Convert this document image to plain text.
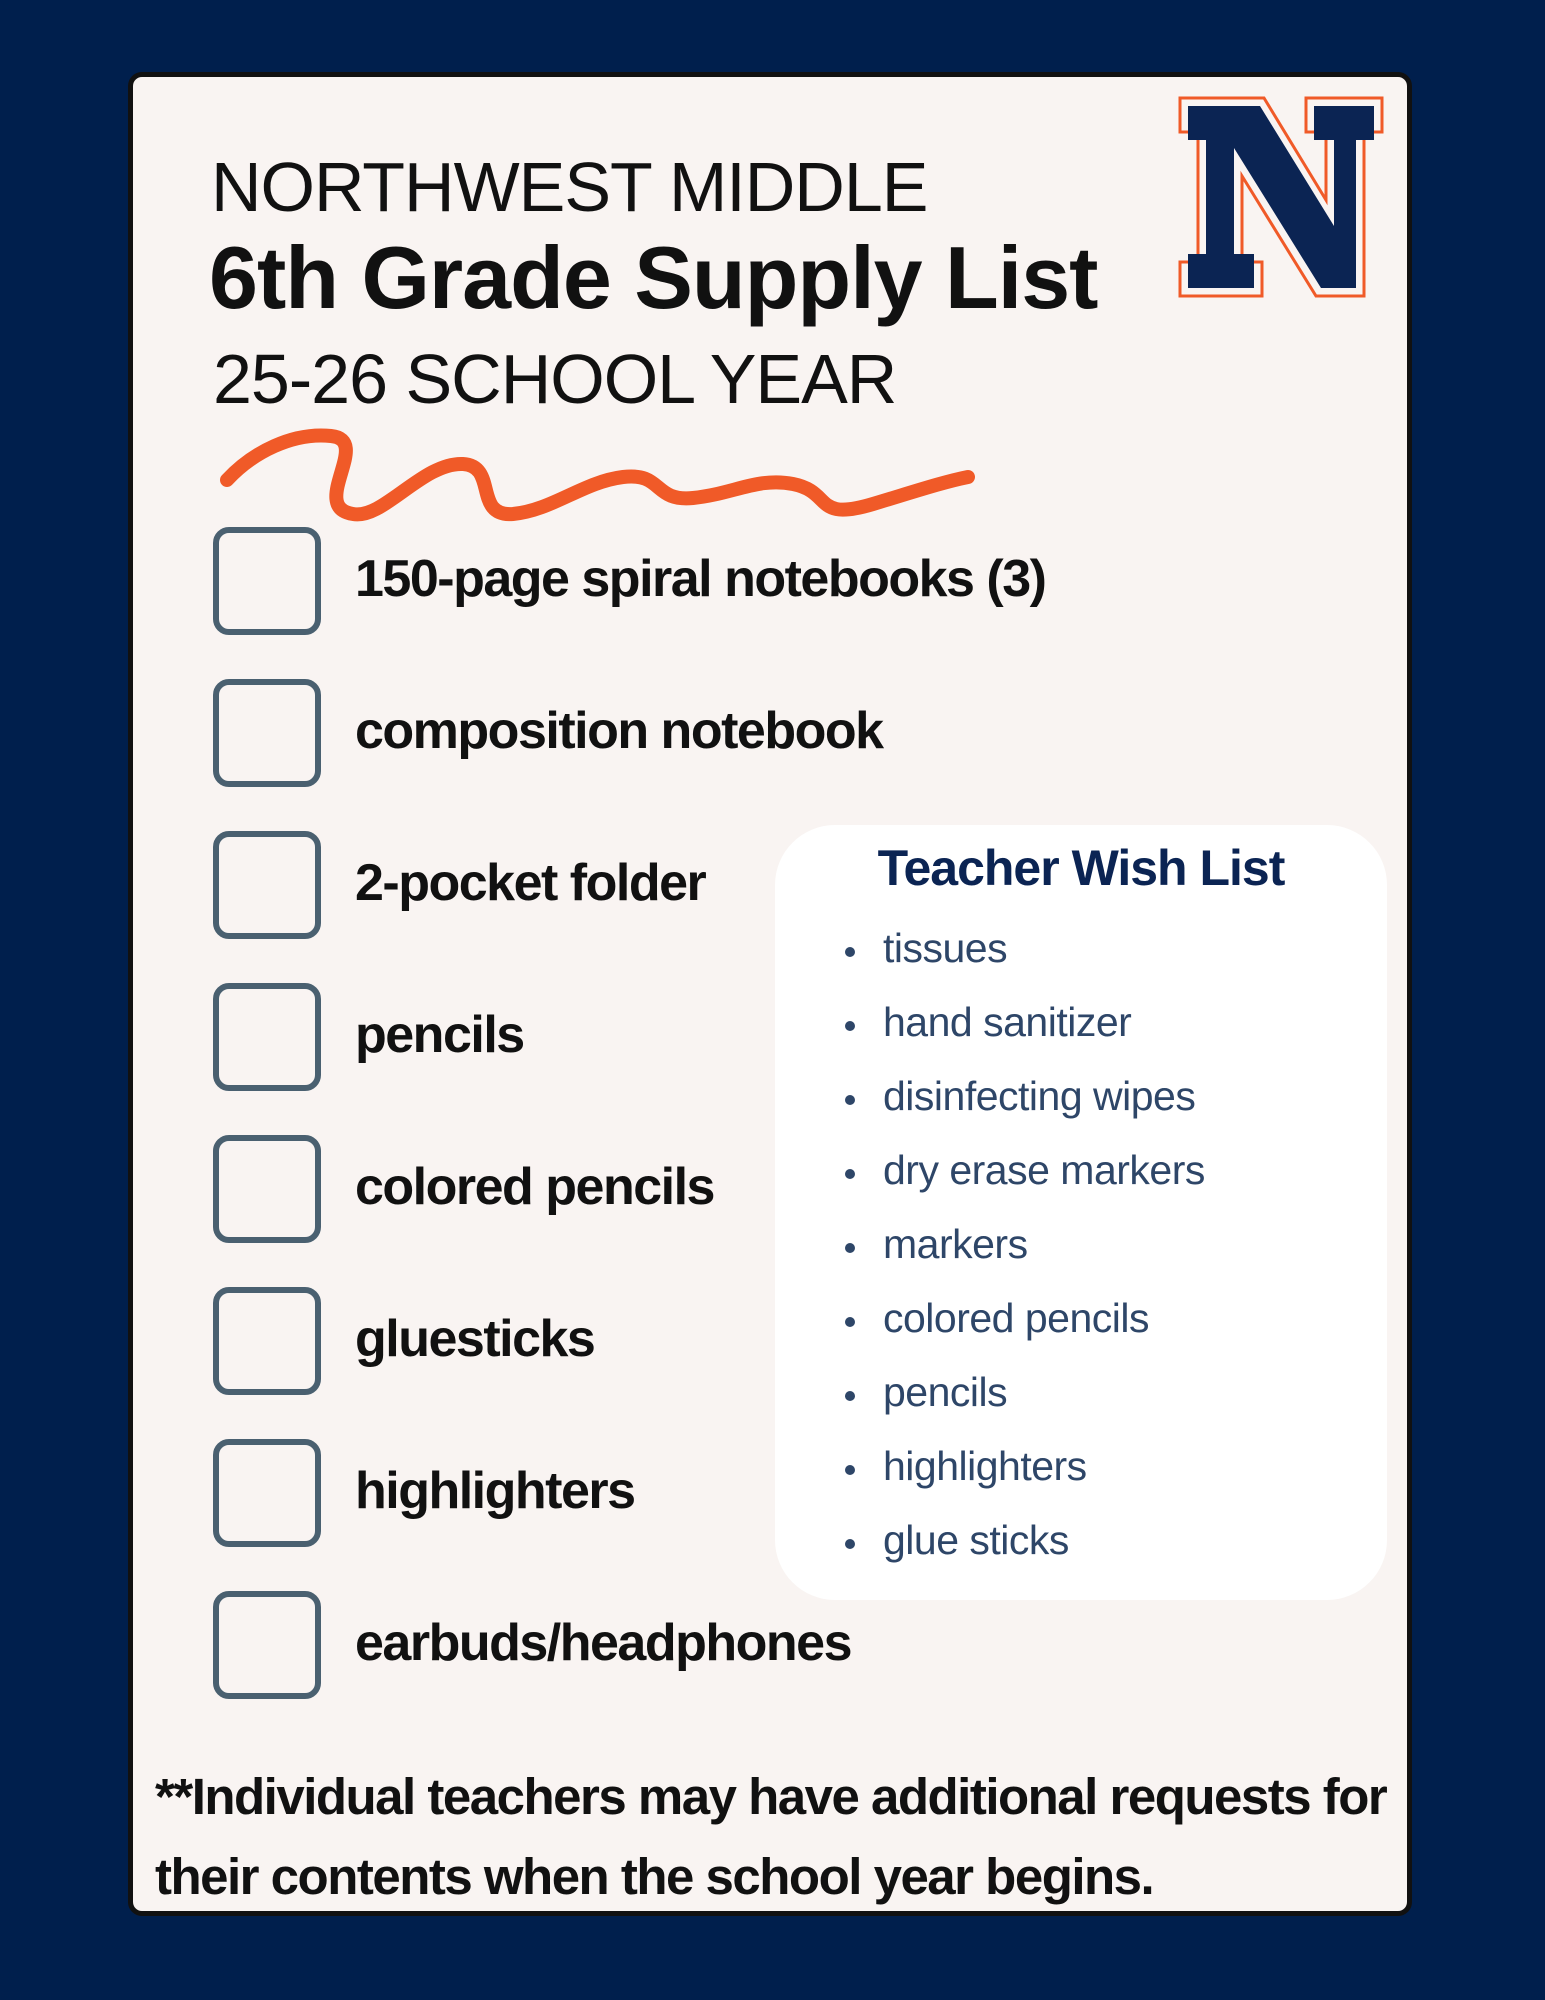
NORTHWEST MIDDLE
6th Grade Supply List
25-26 SCHOOL YEAR
150-page spiral notebooks (3)
composition notebook
2-pocket folder
pencils
colored pencils
gluesticks
highlighters
earbuds/headphones
Teacher Wish List
tissues
hand sanitizer
disinfecting wipes
dry erase markers
markers
colored pencils
pencils
highlighters
glue sticks
**Individual teachers may have additional requests for their contents when the school year begins.
